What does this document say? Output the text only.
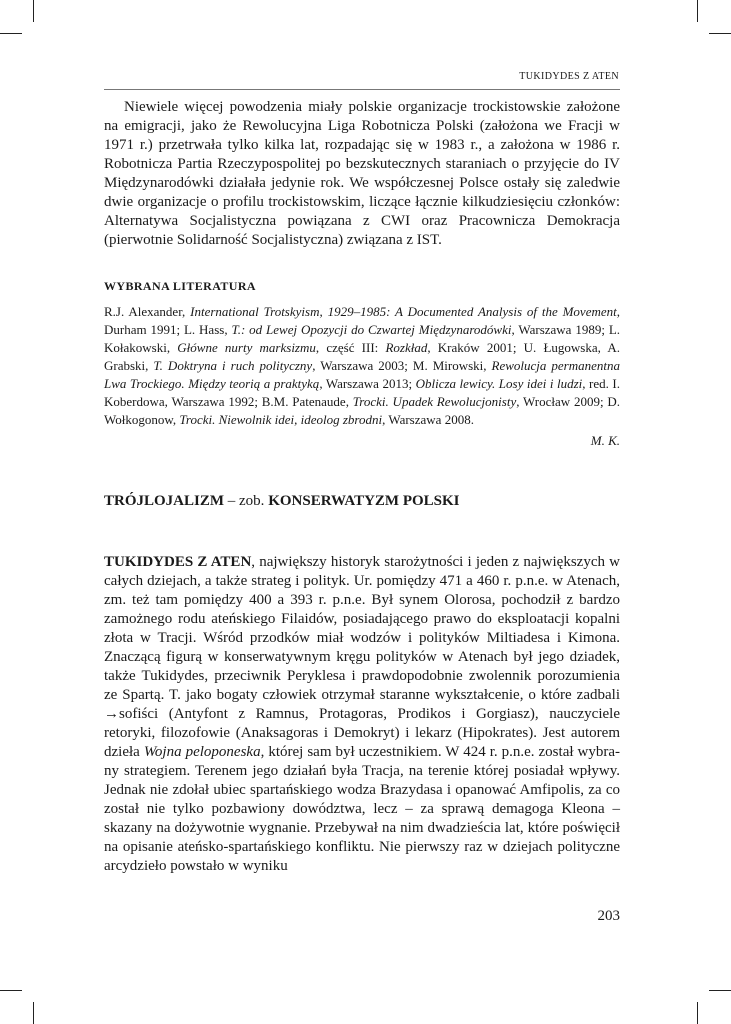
TUKIDYDES Z ATEN

Niewiele więcej powodzenia miały polskie organizacje trockistowskie założone na emigracji, jako że Rewolucyjna Liga Robotnicza Polski (założona we Fracji w 1971 r.) przetrwała tylko kilka lat, rozpadając się w 1983 r., a założona w 1986 r. Robotnicza Partia Rzeczypospolitej po bezskutecznych staraniach o przyjęcie do IV Międzynarodówki działała jedynie rok. We współczesnej Polsce ostały się zaledwie dwie organizacje o profilu trockistowskim, liczące łącznie kilkudziesięciu członków: Alternatywa Socjalistyczna powiązana z CWI oraz Pracownicza Demokracja (pierwotnie Solidarność Socjalistyczna) związana z IST.

WYBRANA LITERATURA

R.J. Alexander, International Trotskyism, 1929–1985: A Documented Analysis of the Movement, Durham 1991; L. Hass, T.: od Lewej Opozycji do Czwartej Międzynarodówki, Warszawa 1989; L. Kołakowski, Główne nurty marksizmu, część III: Rozkład, Kraków 2001; U. Ługowska, A. Grabski, T. Doktryna i ruch polityczny, Warszawa 2003; M. Mirowski, Rewolucja permanentna Lwa Trockiego. Między teorią a praktyką, Warszawa 2013; Oblicza lewicy. Losy idei i ludzi, red. I. Koberdowa, Warszawa 1992; B.M. Patenaude, Trocki. Upadek Rewolucjonisty, Wrocław 2009; D. Wołkogonow, Trocki. Niewolnik idei, ideolog zbrodni, Warszawa 2008.

M. K.
TRÓJLOJALIZM – zob. KONSERWATYZM POLSKI

TUKIDYDES Z ATEN, największy historyk starożytności i jeden z największych w całych dziejach, a także strateg i polityk. Ur. pomiędzy 471 a 460 r. p.n.e. w Atenach, zm. też tam pomiędzy 400 a 393 r. p.n.e. Był synem Olorosa, pochodził z bardzo zamożnego rodu ateńskiego Filaidów, posiadającego prawo do eksploatacji kopalni złota w Tracji. Wśród przodków miał wodzów i polityków Miltiadesa i Kimona. Znaczącą figurą w konserwatywnym kręgu polityków w Atenach był jego dziadek, także Tukidydes, przeciwnik Peryklesa i prawdopodobnie zwolennik porozumienia ze Spartą. T. jako bogaty człowiek otrzymał staranne wykształcenie, o które zadbali →sofiści (Antyfont z Ramnus, Protagoras, Prodikos i Gorgiasz), nauczyciele retoryki, filozofowie (Anaksagoras i Demokryt) i lekarz (Hipokrates). Jest autorem dzieła Wojna peloponeska, której sam był uczestnikiem. W 424 r. p.n.e. został wybrany strategiem. Terenem jego działań była Tracja, na terenie której posiadał wpływy. Jednak nie zdołał ubiec spartańskiego wodza Brazydasa i opanować Amfipolis, za co został nie tylko pozbawiony dowództwa, lecz – za sprawą demagoga Kleona – skazany na dożywotnie wygnanie. Przebywał na nim dwadzieścia lat, które poświęcił na opisanie ateńsko-spartańskiego konfliktu. Nie pierwszy raz w dziejach polityczne arcydzieło powstało w wyniku

203
